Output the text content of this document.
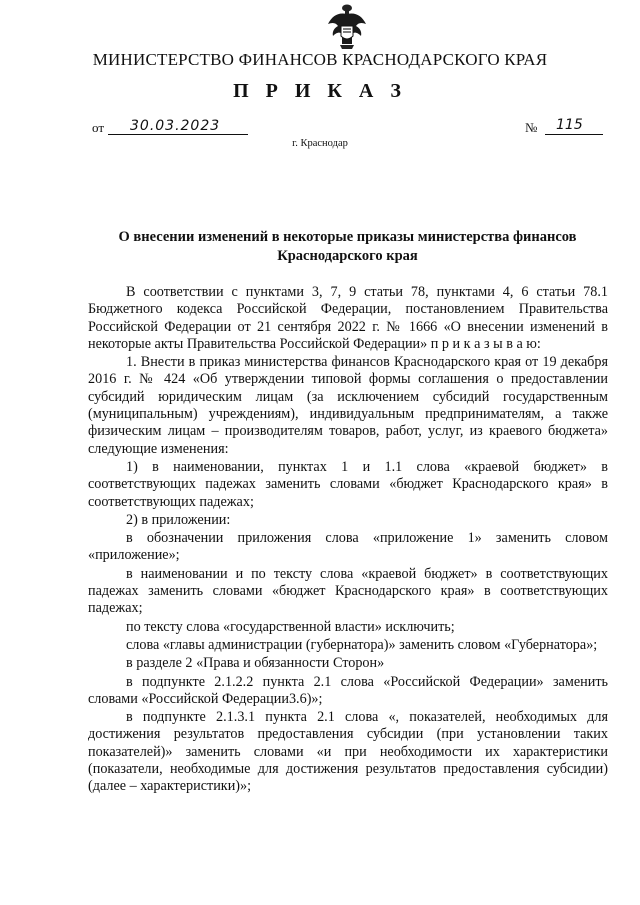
МИНИСТЕРСТВО ФИНАНСОВ КРАСНОДАРСКОГО КРАЯ
П Р И К А З
от 30.03.2023	№ 115
г. Краснодар
О внесении изменений в некоторые приказы министерства финансов Краснодарского края

В соответствии с пунктами 3, 7, 9 статьи 78, пунктами 4, 6 статьи 78.1 Бюджетного кодекса Российской Федерации, постановлением Правительства Российской Федерации от 21 сентября 2022 г. № 1666 «О внесении изменений в некоторые акты Правительства Российской Федерации» п р и к а з ы в а ю:

1. Внести в приказ министерства финансов Краснодарского края от 19 декабря 2016 г. № 424 «Об утверждении типовой формы соглашения о предоставлении субсидий юридическим лицам (за исключением субсидий государственным (муниципальным) учреждениям), индивидуальным предпринимателям, а также физическим лицам – производителям товаров, работ, услуг, из краевого бюджета» следующие изменения:

1) в наименовании, пунктах 1 и 1.1 слова «краевой бюджет» в соответствующих падежах заменить словами «бюджет Краснодарского края» в соответствующих падежах;

2) в приложении:

в обозначении приложения слова «приложение 1» заменить словом «приложение»;

в наименовании и по тексту слова «краевой бюджет» в соответствующих падежах заменить словами «бюджет Краснодарского края» в соответствующих падежах;

по тексту слова «государственной власти» исключить;

слова «главы администрации (губернатора)» заменить словом «Губернатора»;

в разделе 2 «Права и обязанности Сторон»

в подпункте 2.1.2.2 пункта 2.1 слова «Российской Федерации» заменить словами «Российской Федерации3.6)»;

в подпункте 2.1.3.1 пункта 2.1 слова «, показателей, необходимых для достижения результатов предоставления субсидии (при установлении таких показателей)» заменить словами «и при необходимости их характеристики (показатели, необходимые для достижения результатов предоставления субсидии) (далее – характеристики)»;
